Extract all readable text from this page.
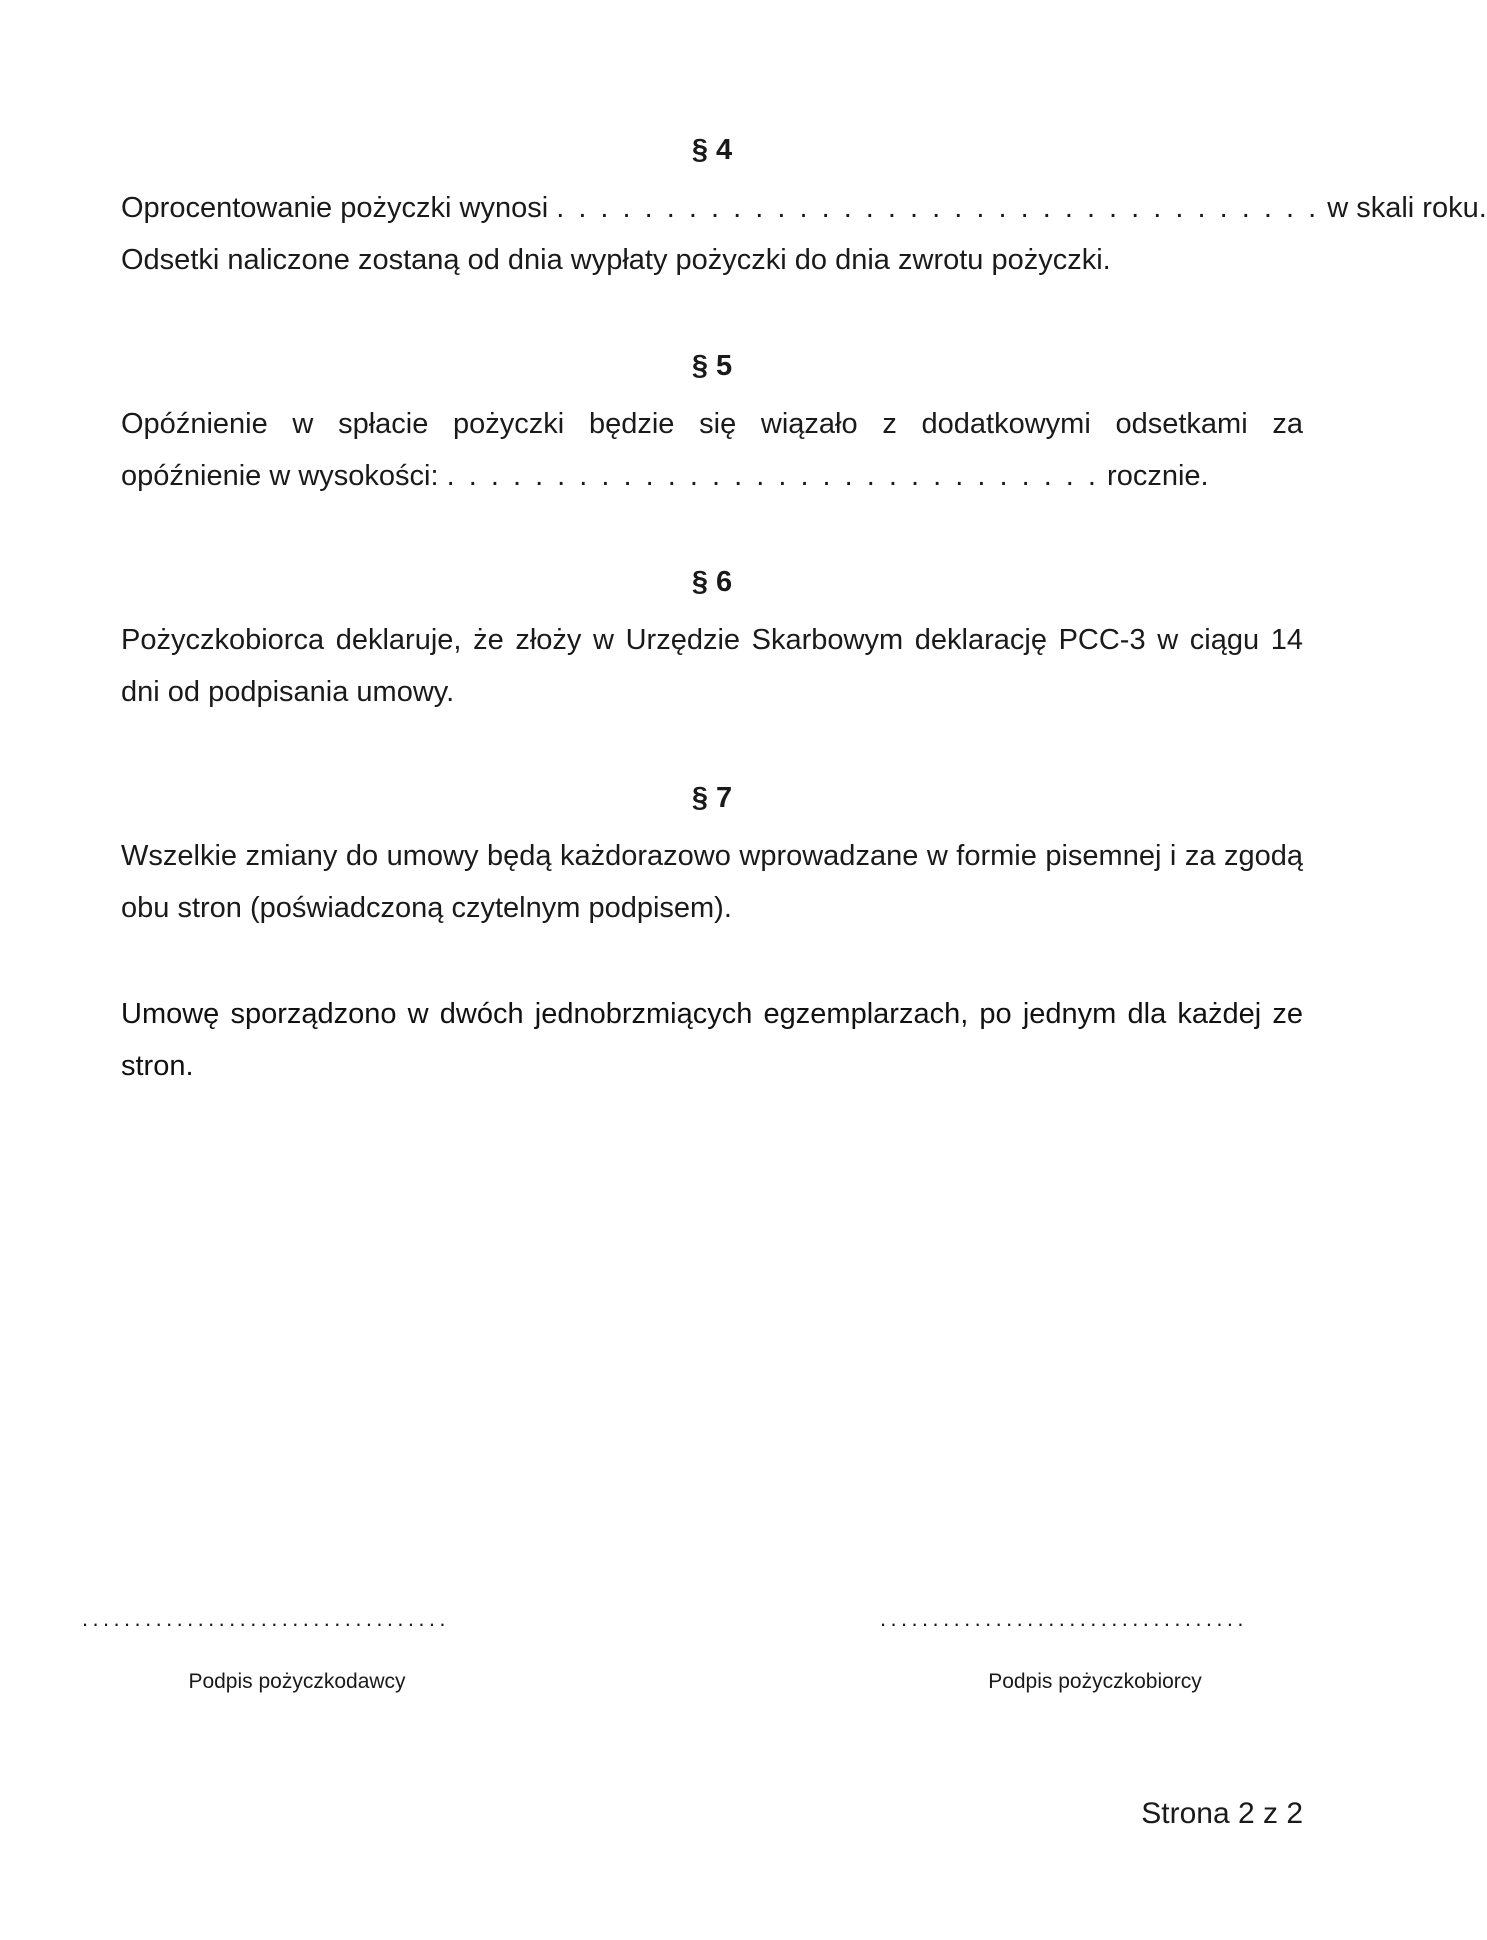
§ 4

Oprocentowanie pożyczki wynosi . . . . . . . . . . . . . . . . . . . . . . . . . . . . . . . . . . . w skali roku.

Odsetki naliczone zostaną od dnia wypłaty pożyczki do dnia zwrotu pożyczki.

§ 5

Opóźnienie w spłacie pożyczki będzie się wiązało z dodatkowymi odsetkami za

opóźnienie w wysokości: . . . . . . . . . . . . . . . . . . . . . . . . . . . . . . rocznie.

§ 6

Pożyczkobiorca deklaruje, że złoży w Urzędzie Skarbowym deklarację PCC-3 w ciągu 14 dni od podpisania umowy.

§ 7

Wszelkie zmiany do umowy będą każdorazowo wprowadzane w formie pisemnej i za zgodą obu stron (poświadczoną czytelnym podpisem).

Umowę sporządzono w dwóch jednobrzmiących egzemplarzach, po jednym dla każdej ze stron.

...................................
Podpis pożyczkodawcy
...................................
Podpis pożyczkobiorcy
Strona 2 z 2
